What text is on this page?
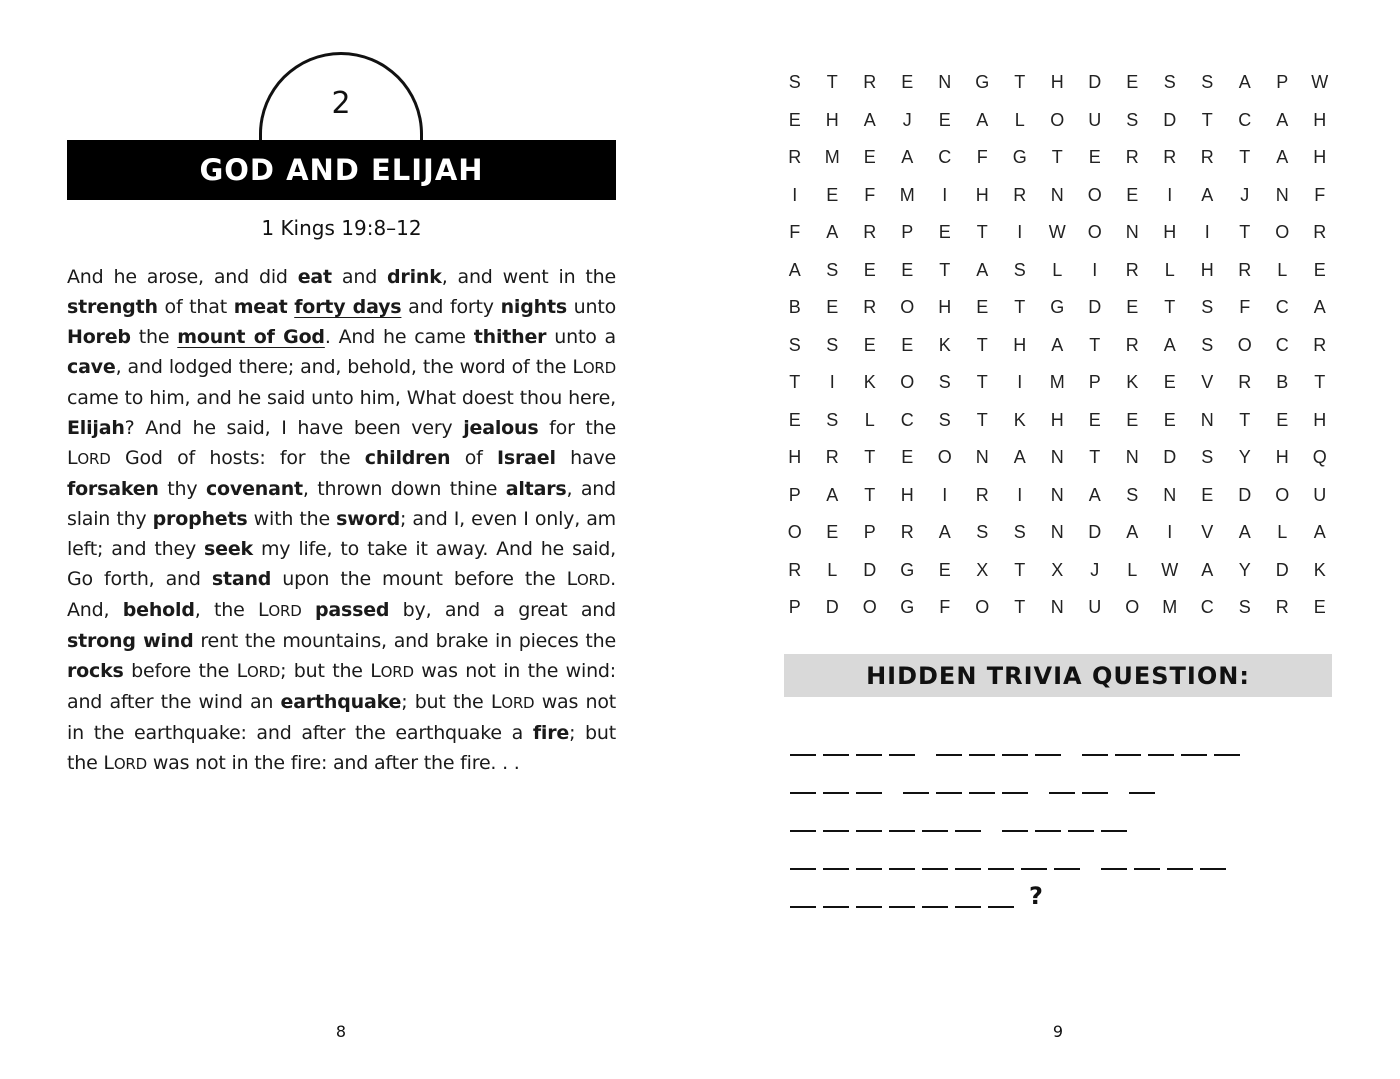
2
GOD AND ELIJAH
1 Kings 19:8–12
And he arose, and did eat and drink, and went in the strength of that meat forty days and forty nights unto Horeb the mount of God. And he came thither unto a cave, and lodged there; and, behold, the word of the LORD came to him, and he said unto him, What doest thou here, Elijah? And he said, I have been very jealous for the LORD God of hosts: for the children of Israel have forsaken thy covenant, thrown down thine altars, and slain thy prophets with the sword; and I, even I only, am left; and they seek my life, to take it away. And he said, Go forth, and stand upon the mount before the LORD. And, behold, the LORD passed by, and a great and strong wind rent the mountains, and brake in pieces the rocks before the LORD; but the LORD was not in the wind: and after the wind an earthquake; but the LORD was not in the earthquake: and after the earthquake a fire; but the LORD was not in the fire: and after the fire. . .
8	9
S	T	R	E	N	G	T	H	D	E	S	S	A	P	W
E	H	A	J	E	A	L	O	U	S	D	T	C	A	H
R	M	E	A	C	F	G	T	E	R	R	R	T	A	H
I	E	F	M	I	H	R	N	O	E	I	A	J	N	F
F	A	R	P	E	T	I	W	O	N	H	I	T	O	R
A	S	E	E	T	A	S	L	I	R	L	H	R	L	E
B	E	R	O	H	E	T	G	D	E	T	S	F	C	A
S	S	E	E	K	T	H	A	T	R	A	S	O	C	R
T	I	K	O	S	T	I	M	P	K	E	V	R	B	T
E	S	L	C	S	T	K	H	E	E	E	N	T	E	H
H	R	T	E	O	N	A	N	T	N	D	S	Y	H	Q
P	A	T	H	I	R	I	N	A	S	N	E	D	O	U
O	E	P	R	A	S	S	N	D	A	I	V	A	L	A
R	L	D	G	E	X	T	X	J	L	W	A	Y	D	K
P	D	O	G	F	O	T	N	U	O	M	C	S	R	E
HIDDEN TRIVIA QUESTION:
?
